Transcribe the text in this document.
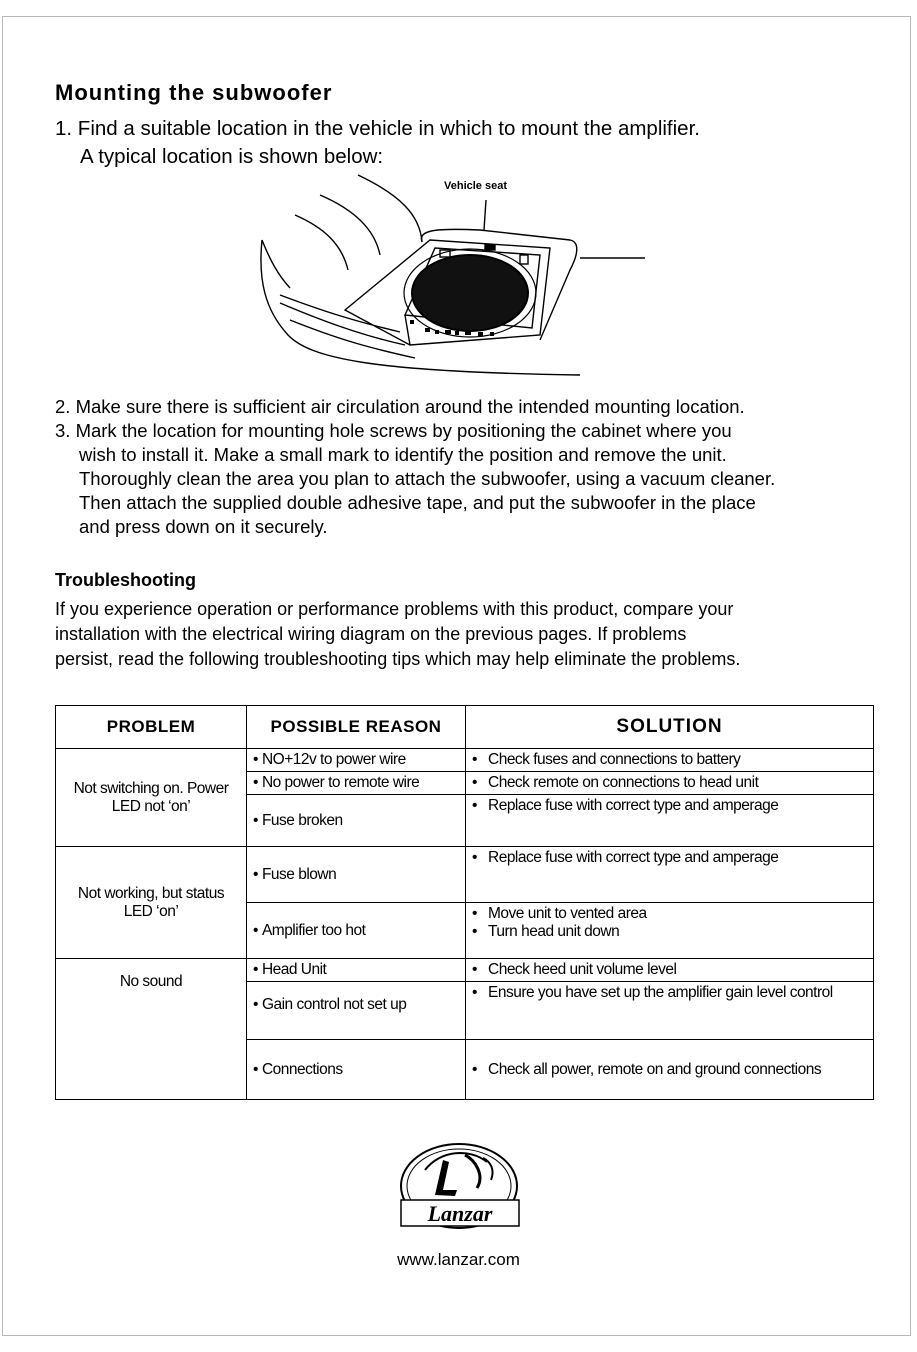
Mounting the subwoofer
1. Find a suitable location in the vehicle in which to mount the amplifier.
A typical location is shown below:
Vehicle seat
2. Make sure there is sufficient air circulation around the intended mounting location.
3. Mark the location for mounting hole screws by positioning the cabinet where you
wish to install it. Make a small mark to identify the position and remove the unit.
Thoroughly clean the area you plan to attach the subwoofer, using a vacuum cleaner.
Then attach the supplied double adhesive tape, and put the subwoofer in the place
and press down on it securely.
Troubleshooting
If you experience operation or performance problems with this product, compare your
installation with the electrical wiring diagram on the previous pages. If problems
persist, read the following troubleshooting tips which may help eliminate the problems.
PROBLEM	POSSIBLE REASON	SOLUTION
Not switching on. Power LED not ‘on’	• NO+12v to power wire	• Check fuses and connections to battery

	• No power to remote wire	• Check remote on connections to head unit

	• Fuse broken	• Replace fuse with correct type and amperage

Not working, but status LED ‘on’	• Fuse blown	• Replace fuse with correct type and amperage

	• Amplifier too hot	• Move unit to vented area
• Turn head unit down

No sound	• Head Unit	• Check heed unit volume level

	• Gain control not set up	• Ensure you have set up the amplifier gain level control

	• Connections	• Check all power, remote on and ground connections
Lanzar
www.lanzar.com
